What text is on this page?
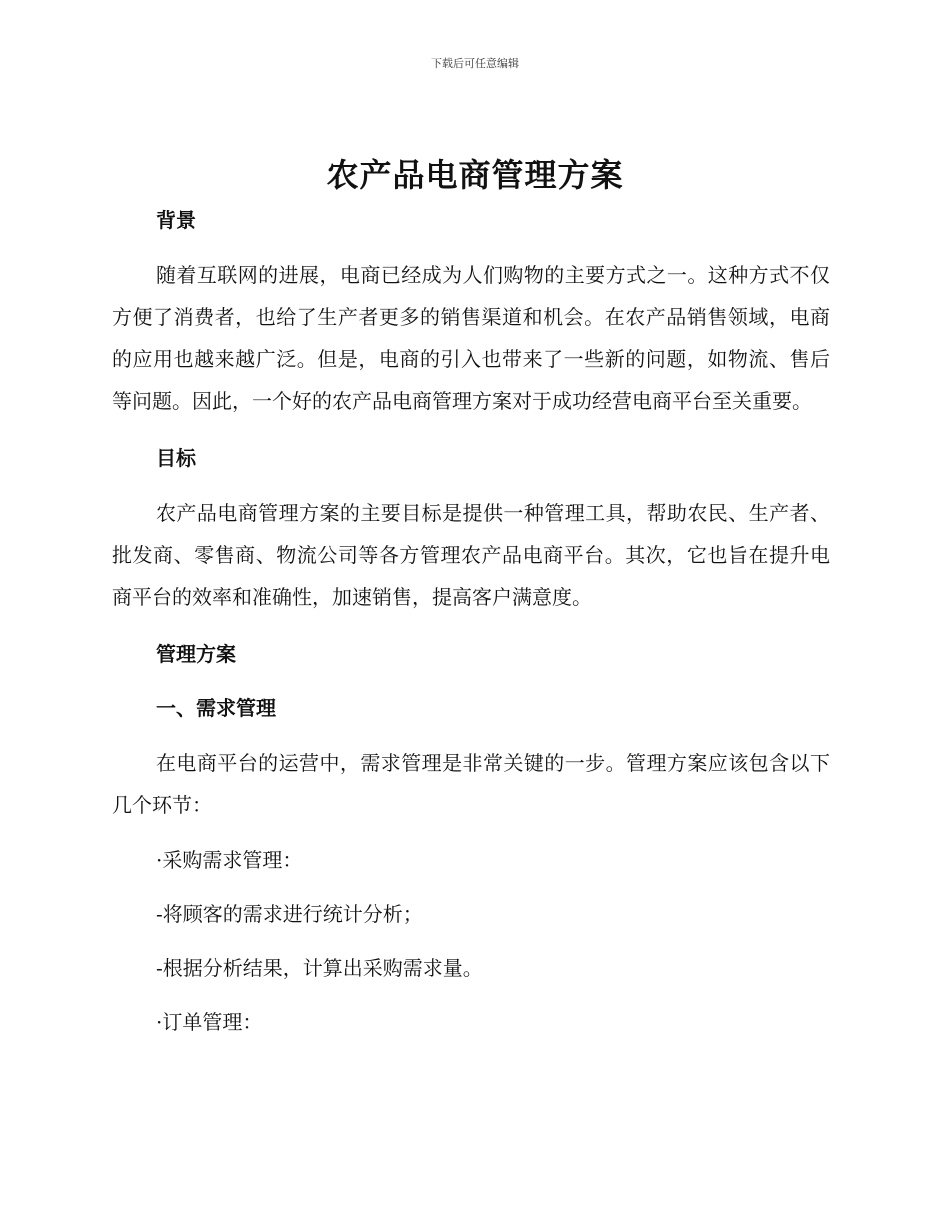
下载后可任意编辑
农产品电商管理方案

背景

随着互联网的进展，电商已经成为人们购物的主要方式之一。这种方式不仅方便了消费者，也给了生产者更多的销售渠道和机会。在农产品销售领域，电商的应用也越来越广泛。但是，电商的引入也带来了一些新的问题，如物流、售后等问题。因此，一个好的农产品电商管理方案对于成功经营电商平台至关重要。

目标

农产品电商管理方案的主要目标是提供一种管理工具，帮助农民、生产者、批发商、零售商、物流公司等各方管理农产品电商平台。其次，它也旨在提升电商平台的效率和准确性，加速销售，提高客户满意度。

管理方案

一、需求管理

在电商平台的运营中，需求管理是非常关键的一步。管理方案应该包含以下几个环节：

·采购需求管理：

-将顾客的需求进行统计分析；

-根据分析结果，计算出采购需求量。

·订单管理：
